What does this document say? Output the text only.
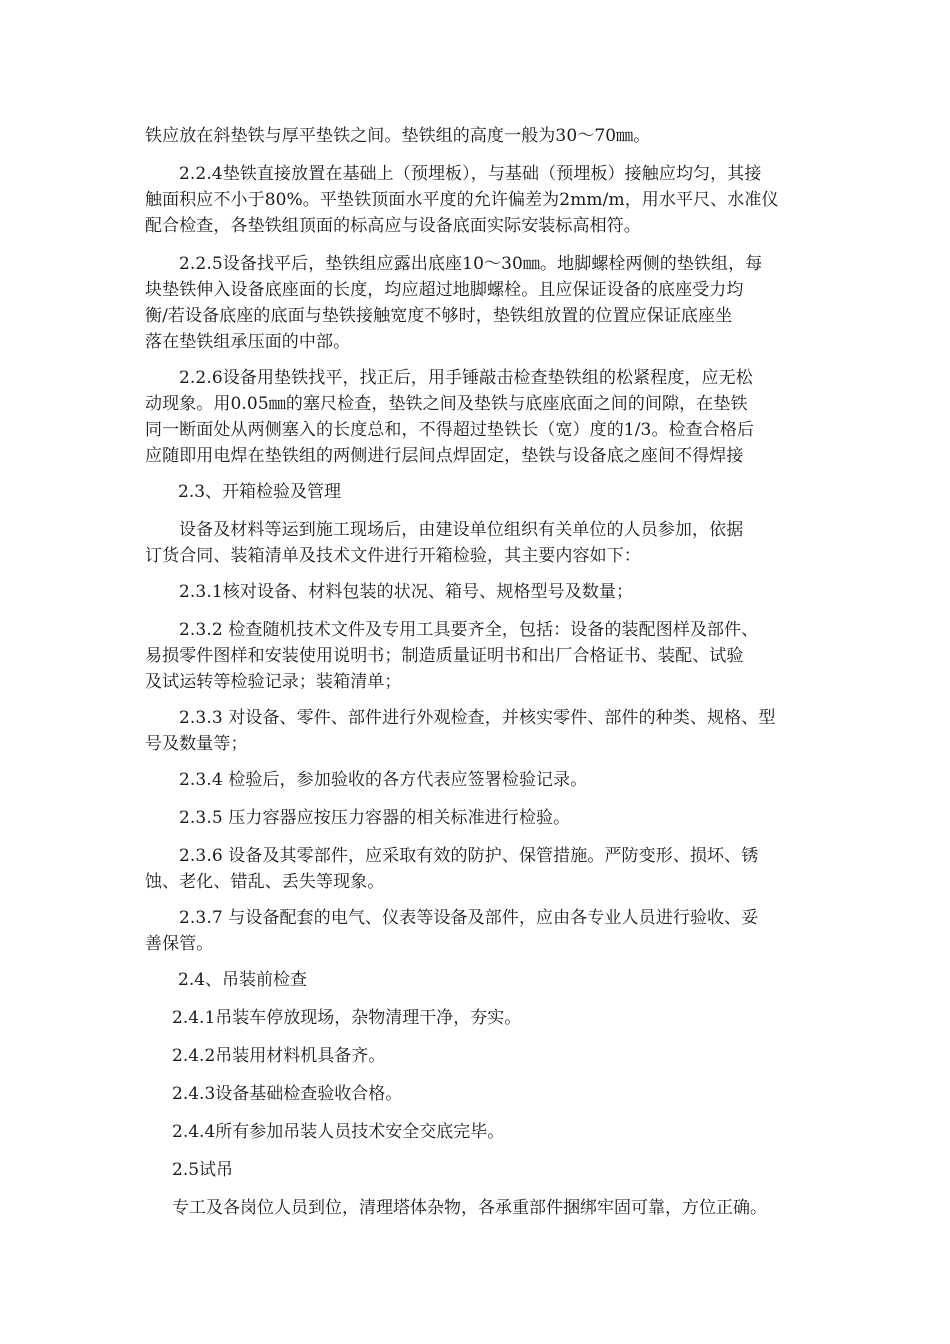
铁应放在斜垫铁与厚平垫铁之间。垫铁组的高度一般为30～70㎜。

2.2.4垫铁直接放置在基础上（预埋板），与基础（预埋板）接触应均匀，其接
触面积应不小于80%。平垫铁顶面水平度的允许偏差为2mm/m，用水平尺、水准仪
配合检查，各垫铁组顶面的标高应与设备底面实际安装标高相符。

2.2.5设备找平后，垫铁组应露出底座10～30㎜。地脚螺栓两侧的垫铁组，每
块垫铁伸入设备底座面的长度，均应超过地脚螺栓。且应保证设备的底座受力均
衡/若设备底座的底面与垫铁接触宽度不够时，垫铁组放置的位置应保证底座坐
落在垫铁组承压面的中部。

2.2.6设备用垫铁找平，找正后，用手锤敲击检查垫铁组的松紧程度，应无松
动现象。用0.05㎜的塞尺检查，垫铁之间及垫铁与底座底面之间的间隙，在垫铁
同一断面处从两侧塞入的长度总和，不得超过垫铁长（宽）度的1/3。检查合格后
应随即用电焊在垫铁组的两侧进行层间点焊固定，垫铁与设备底之座间不得焊接

2.3、开箱检验及管理

设备及材料等运到施工现场后，由建设单位组织有关单位的人员参加，依据
订货合同、装箱清单及技术文件进行开箱检验，其主要内容如下：

2.3.1核对设备、材料包装的状况、箱号、规格型号及数量；

2.3.2 检查随机技术文件及专用工具要齐全，包括：设备的装配图样及部件、
易损零件图样和安装使用说明书；制造质量证明书和出厂合格证书、装配、试验
及试运转等检验记录；装箱清单；

2.3.3 对设备、零件、部件进行外观检查，并核实零件、部件的种类、规格、型
号及数量等；

2.3.4 检验后，参加验收的各方代表应签署检验记录。

2.3.5 压力容器应按压力容器的相关标准进行检验。

2.3.6 设备及其零部件，应采取有效的防护、保管措施。严防变形、损坏、锈
蚀、老化、错乱、丢失等现象。

2.3.7 与设备配套的电气、仪表等设备及部件，应由各专业人员进行验收、妥
善保管。

2.4、吊装前检查

2.4.1吊装车停放现场，杂物清理干净，夯实。

2.4.2吊装用材料机具备齐。

2.4.3设备基础检查验收合格。

2.4.4所有参加吊装人员技术安全交底完毕。

2.5试吊

专工及各岗位人员到位，清理塔体杂物，各承重部件捆绑牢固可靠，方位正确。
